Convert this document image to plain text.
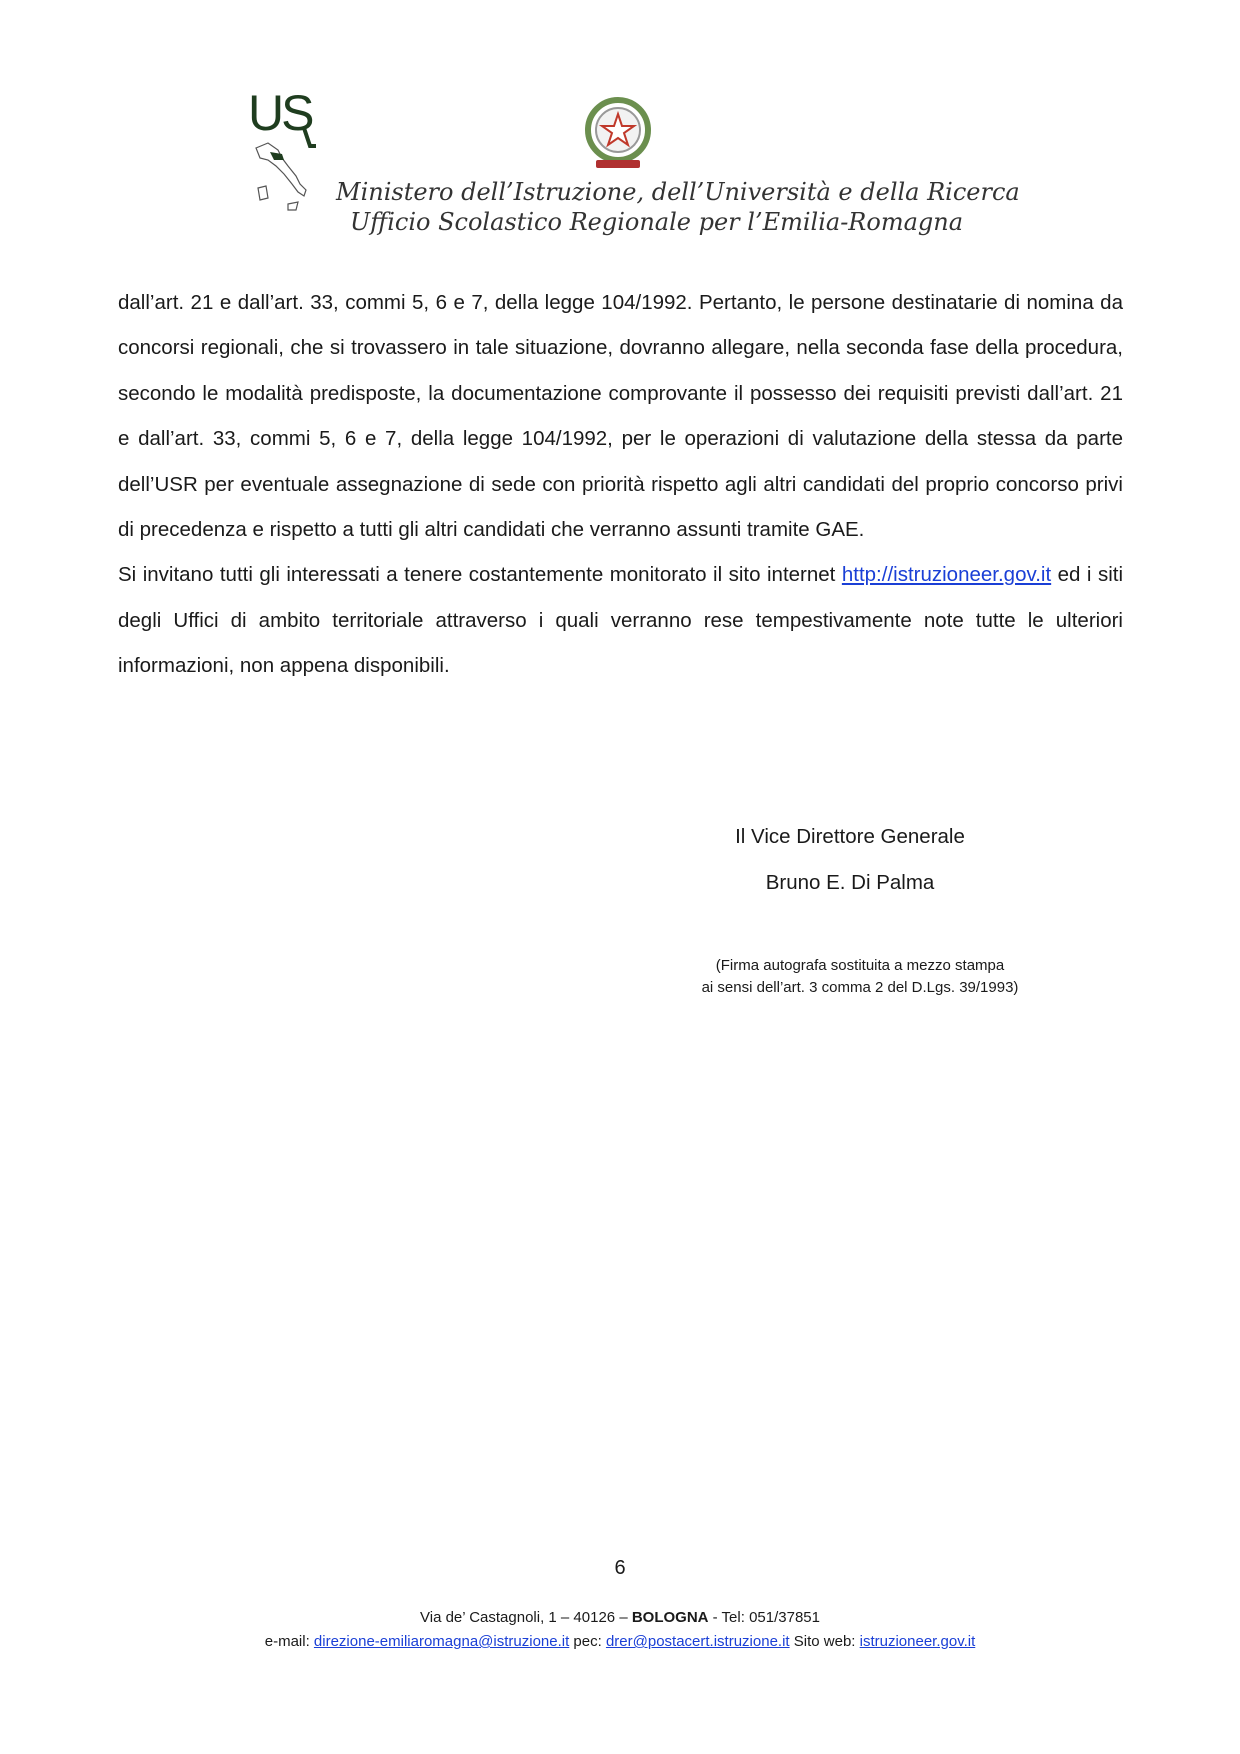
US
Ministero dell’Istruzione, dell’Università e della Ricerca
Ufficio Scolastico Regionale per l’Emilia-Romagna

dall’art. 21 e dall’art. 33, commi 5, 6 e 7, della legge 104/1992. Pertanto, le persone destinatarie di nomina da concorsi regionali, che si trovassero in tale situazione, dovranno allegare, nella seconda fase della procedura, secondo le modalità predisposte, la documentazione comprovante il possesso dei requisiti previsti dall’art. 21 e dall’art. 33, commi 5, 6 e 7, della legge 104/1992, per le operazioni di valutazione della stessa da parte dell’USR per eventuale assegnazione di sede con priorità rispetto agli altri candidati del proprio concorso privi di precedenza e rispetto a tutti gli altri candidati che verranno assunti tramite GAE.

Si invitano tutti gli interessati a tenere costantemente monitorato il sito internet http://istruzioneer.gov.it ed i siti degli Uffici di ambito territoriale attraverso i quali verranno rese tempestivamente note tutte le ulteriori informazioni, non appena disponibili.

Il Vice Direttore Generale
Bruno E. Di Palma
(Firma autografa sostituita a mezzo stampa
ai sensi dell’art. 3 comma 2 del D.Lgs. 39/1993)
6
Via de’ Castagnoli, 1 – 40126 – BOLOGNA - Tel: 051/37851
e-mail: direzione-emiliaromagna@istruzione.it pec: drer@postacert.istruzione.it Sito web: istruzioneer.gov.it
